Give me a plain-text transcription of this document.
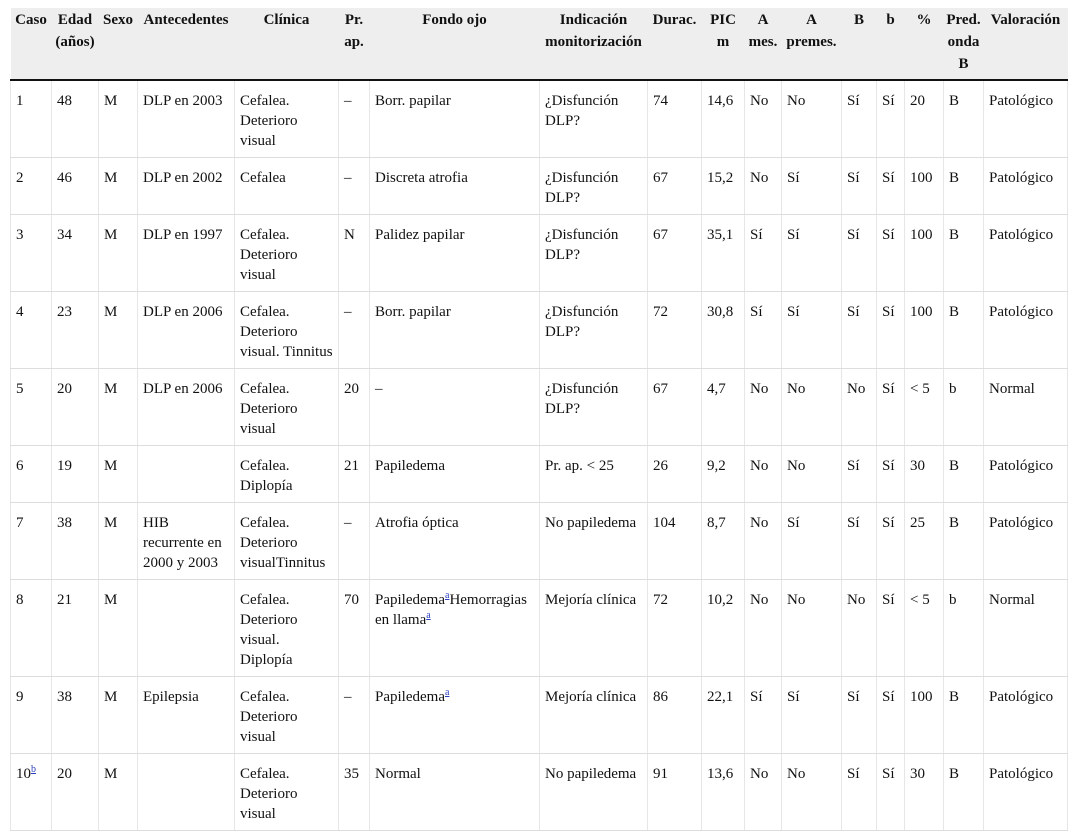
Caso	Edad (años)	Sexo	Antecedentes	Clínica	Pr. ap.	Fondo ojo	Indicación monitorización	Durac.	PIC m	A mes.	A premes.	B	b	%	Pred. onda B	Valoración
1	48	M	DLP en 2003	Cefalea. Deterioro visual	–	Borr. papilar	¿Disfunción DLP?	74	14,6	No	No	Sí	Sí	20	B	Patológico
2	46	M	DLP en 2002	Cefalea	–	Discreta atrofia	¿Disfunción DLP?	67	15,2	No	Sí	Sí	Sí	100	B	Patológico
3	34	M	DLP en 1997	Cefalea. Deterioro visual	N	Palidez papilar	¿Disfunción DLP?	67	35,1	Sí	Sí	Sí	Sí	100	B	Patológico
4	23	M	DLP en 2006	Cefalea. Deterioro visual. Tinnitus	–	Borr. papilar	¿Disfunción DLP?	72	30,8	Sí	Sí	Sí	Sí	100	B	Patológico
5	20	M	DLP en 2006	Cefalea. Deterioro visual	20	–	¿Disfunción DLP?	67	4,7	No	No	No	Sí	< 5	b	Normal
6	19	M		Cefalea. Diplopía	21	Papiledema	Pr. ap. < 25	26	9,2	No	No	Sí	Sí	30	B	Patológico
7	38	M	HIB recurrente en 2000 y 2003	Cefalea. Deterioro visualTinnitus	–	Atrofia óptica	No papiledema	104	8,7	No	Sí	Sí	Sí	25	B	Patológico
8	21	M		Cefalea. Deterioro visual. Diplopía	70	Papiledema$^a$Hemorragias en llama$^a$	Mejoría clínica	72	10,2	No	No	No	Sí	< 5	b	Normal
9	38	M	Epilepsia	Cefalea. Deterioro visual	–	Papiledema$^a$	Mejoría clínica	86	22,1	Sí	Sí	Sí	Sí	100	B	Patológico
10$^b$	20	M		Cefalea. Deterioro visual	35	Normal	No papiledema	91	13,6	No	No	Sí	Sí	30	B	Patológico
